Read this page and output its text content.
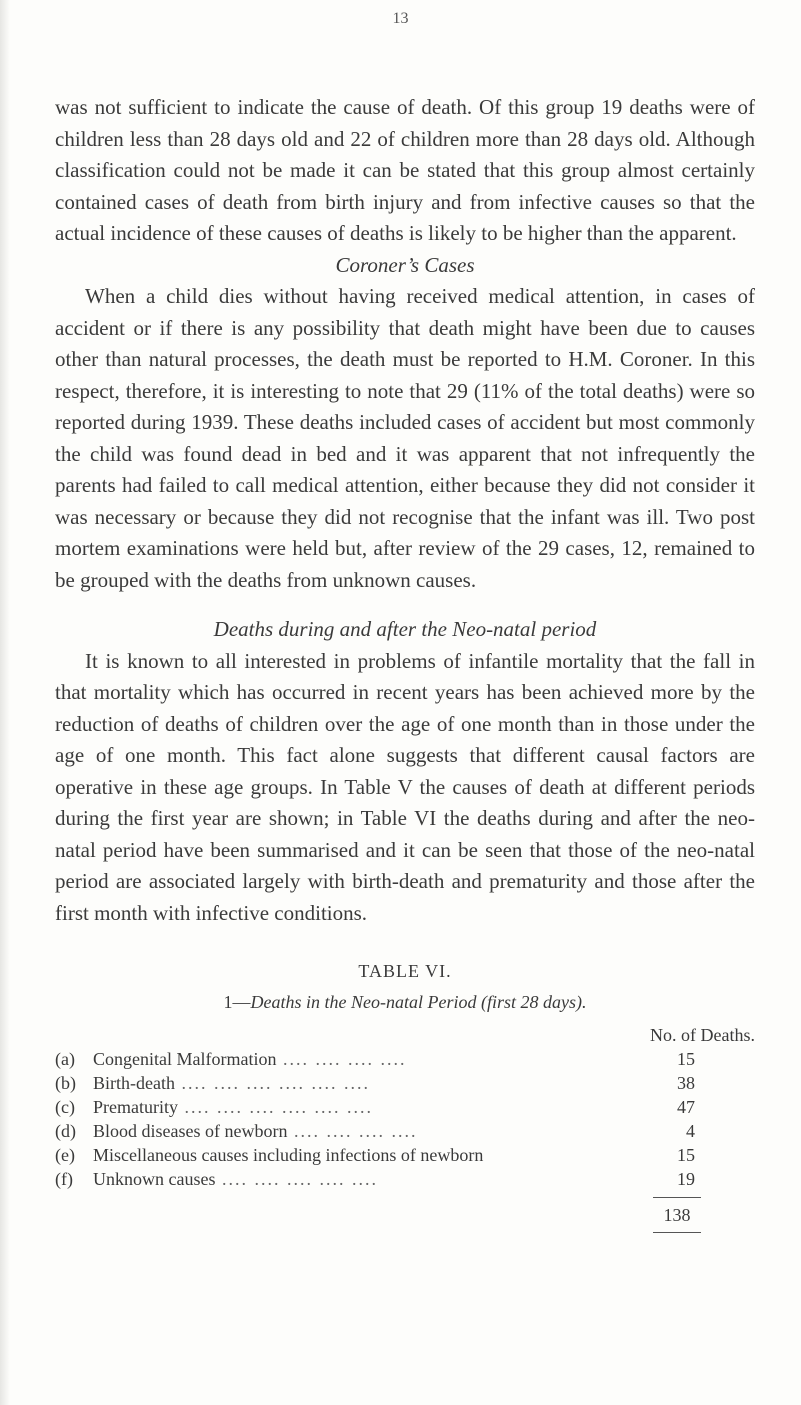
13

was not sufficient to indicate the cause of death. Of this group 19 deaths were of children less than 28 days old and 22 of children more than 28 days old. Although classification could not be made it can be stated that this group almost certainly contained cases of death from birth injury and from infective causes so that the actual incidence of these causes of deaths is likely to be higher than the apparent.

Coroner’s Cases

When a child dies without having received medical attention, in cases of accident or if there is any possibility that death might have been due to causes other than natural processes, the death must be reported to H.M. Coroner. In this respect, therefore, it is interesting to note that 29 (11% of the total deaths) were so reported during 1939. These deaths included cases of accident but most commonly the child was found dead in bed and it was apparent that not infrequently the parents had failed to call medical attention, either because they did not consider it was necessary or because they did not recognise that the infant was ill. Two post mortem examinations were held but, after review of the 29 cases, 12, remained to be grouped with the deaths from unknown causes.

Deaths during and after the Neo-natal period

It is known to all interested in problems of infantile mortality that the fall in that mortality which has occurred in recent years has been achieved more by the reduction of deaths of children over the age of one month than in those under the age of one month. This fact alone suggests that different causal factors are operative in these age groups. In Table V the causes of death at different periods during the first year are shown; in Table VI the deaths during and after the neo-natal period have been summarised and it can be seen that those of the neo-natal period are associated largely with birth-death and prematurity and those after the first month with infective conditions.

TABLE VI.

1—Deaths in the Neo-natal Period (first 28 days).

No. of Deaths.
(a)	Congenital Malformation .... .... .... ....	15
(b) Birth-death .... .... .... .... .... ....	38
(c)	Prematurity .... .... .... .... .... ....	47
(d) Blood diseases of newborn .... .... .... ....	4
(e)	Miscellaneous causes including infections of newborn	15
(f)	Unknown causes .... .... .... .... ....	19
138
